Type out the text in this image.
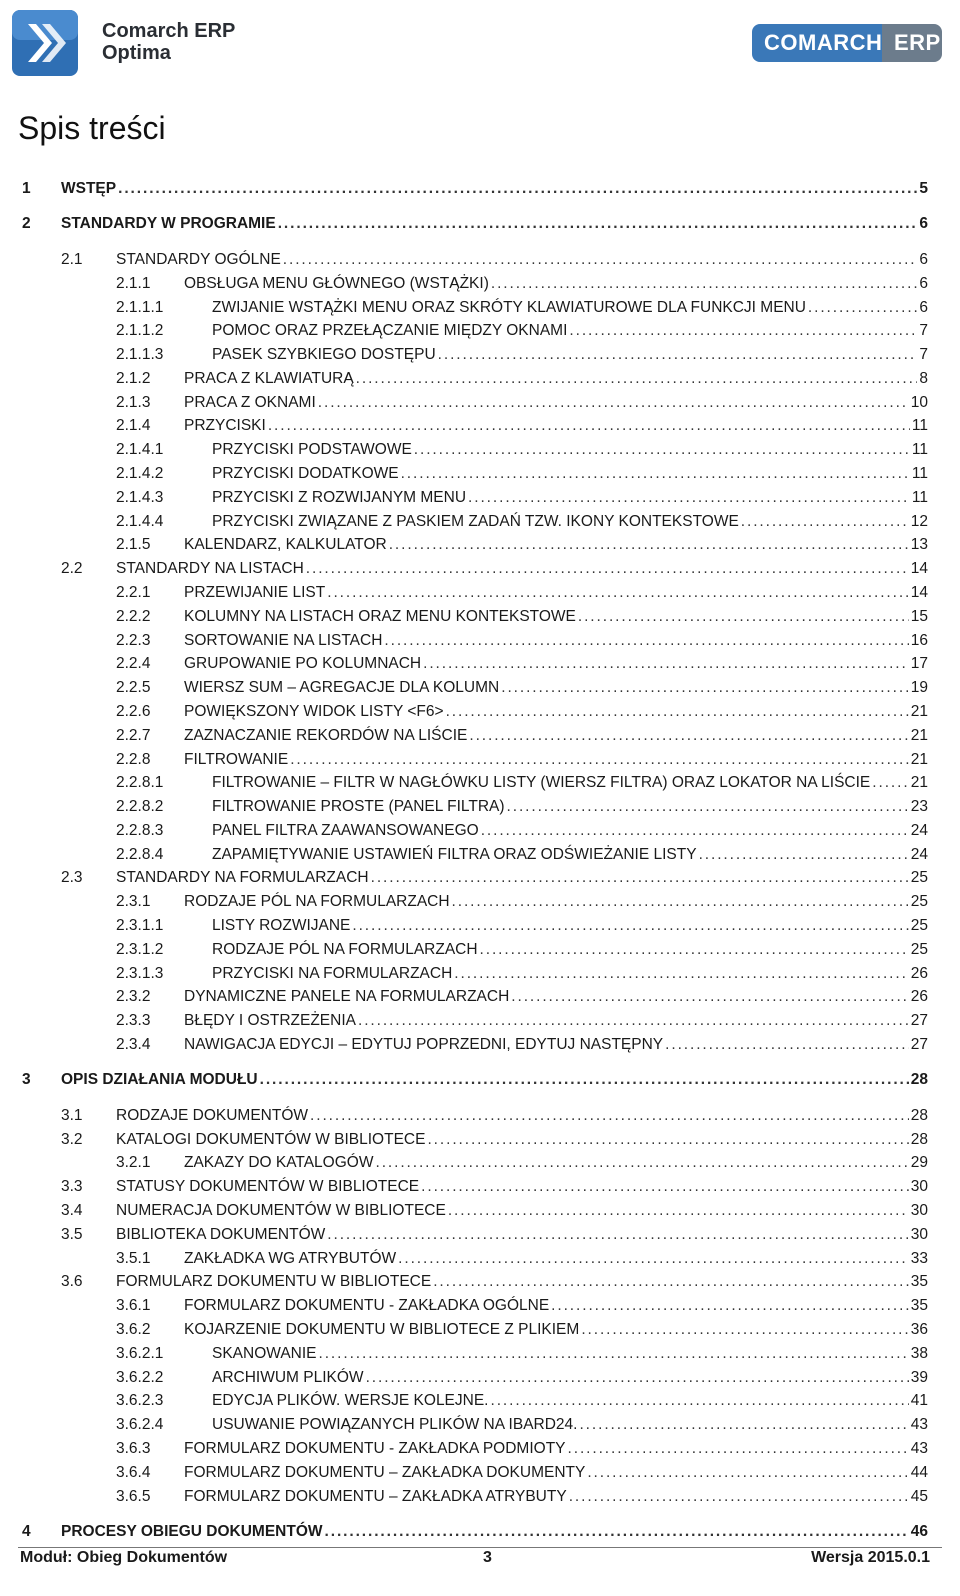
Comarch ERP
Optima	COMARCH ERP
Spis treści
1 WSTĘP	5
. . .
2 STANDARDY W PROGRAMIE	6
. . .
2.1 STANDARDY OGÓLNE	6
. . .
2.1.1 OBSŁUGA MENU GŁÓWNEGO (WSTĄŻKI)	6
. . .
2.1.1.1	ZWIJANIE WSTĄŻKI MENU ORAZ SKRÓTY KLAWIATUROWE DLA FUNKCJI MENU	6
. . .
2.1.1.2	POMOC ORAZ PRZEŁĄCZANIE MIĘDZY OKNAMI	7
. . .
2.1.1.3	PASEK SZYBKIEGO DOSTĘPU	7
. . .
2.1.2 PRACA Z KLAWIATURĄ	8
. . .
2.1.3 PRACA Z OKNAMI	10
. . .
2.1.4 PRZYCISKI	11
. . .
2.1.4.1	PRZYCISKI PODSTAWOWE	11
. . .
2.1.4.2	PRZYCISKI DODATKOWE	11
. . .
2.1.4.3	PRZYCISKI Z ROZWIJANYM MENU	11
. . .
2.1.4.4	PRZYCISKI ZWIĄZANE Z PASKIEM ZADAŃ TZW. IKONY KONTEKSTOWE	12
. . .
2.1.5 KALENDARZ, KALKULATOR	13
. . .
2.2 STANDARDY NA LISTACH	14
. . .
2.2.1 PRZEWIJANIE LIST	14
. . .
2.2.2 KOLUMNY NA LISTACH ORAZ MENU KONTEKSTOWE	15
. . .
2.2.3 SORTOWANIE NA LISTACH	16
. . .
2.2.4 GRUPOWANIE PO KOLUMNACH	17
. . .
2.2.5 WIERSZ SUM – AGREGACJE DLA KOLUMN	19
. . .
2.2.6 POWIĘKSZONY WIDOK LISTY <F6>	21
. . .
2.2.7 ZAZNACZANIE REKORDÓW NA LIŚCIE	21
. . .
2.2.8 FILTROWANIE	21
. . .
2.2.8.1	FILTROWANIE – FILTR W NAGŁÓWKU LISTY (WIERSZ FILTRA) ORAZ LOKATOR NA LIŚCIE	21
. . .
2.2.8.2	FILTROWANIE PROSTE (PANEL FILTRA)	23
. . .
2.2.8.3	PANEL FILTRA ZAAWANSOWANEGO	24
. . .
2.2.8.4	ZAPAMIĘTYWANIE USTAWIEŃ FILTRA ORAZ ODŚWIEŻANIE LISTY	24
. . .
2.3 STANDARDY NA FORMULARZACH	25
. . .
2.3.1 RODZAJE PÓL NA FORMULARZACH	25
. . .
2.3.1.1	LISTY ROZWIJANE	25
. . .
2.3.1.2	RODZAJE PÓL NA FORMULARZACH	25
. . .
2.3.1.3	PRZYCISKI NA FORMULARZACH	26
. . .
2.3.2 DYNAMICZNE PANELE NA FORMULARZACH	26
. . .
2.3.3 BŁĘDY I OSTRZEŻENIA	27
. . .
2.3.4 NAWIGACJA EDYCJI – EDYTUJ POPRZEDNI, EDYTUJ NASTĘPNY	27
. . .
3 OPIS DZIAŁANIA MODUŁU	28
. . .
3.1 RODZAJE DOKUMENTÓW	28
. . .
3.2 KATALOGI DOKUMENTÓW W BIBLIOTECE	28
. . .
3.2.1 ZAKAZY DO KATALOGÓW	29
. . .
3.3 STATUSY DOKUMENTÓW W BIBLIOTECE	30
. . .
3.4 NUMERACJA DOKUMENTÓW W BIBLIOTECE	30
. . .
3.5 BIBLIOTEKA DOKUMENTÓW	30
. . .
3.5.1 ZAKŁADKA WG ATRYBUTÓW	33
. . .
3.6 FORMULARZ DOKUMENTU W BIBLIOTECE	35
. . .
3.6.1 FORMULARZ DOKUMENTU - ZAKŁADKA OGÓLNE	35
. . .
3.6.2 KOJARZENIE DOKUMENTU W BIBLIOTECE Z PLIKIEM	36
. . .
3.6.2.1	SKANOWANIE	38
. . .
3.6.2.2	ARCHIWUM PLIKÓW	39
. . .
3.6.2.3	EDYCJA PLIKÓW. WERSJE KOLEJNE.	41
. . .
3.6.2.4	USUWANIE POWIĄZANYCH PLIKÓW NA IBARD24.	43
. . .
3.6.3 FORMULARZ DOKUMENTU - ZAKŁADKA PODMIOTY	43
. . .
3.6.4 FORMULARZ DOKUMENTU – ZAKŁADKA DOKUMENTY	44
. . .
3.6.5 FORMULARZ DOKUMENTU – ZAKŁADKA ATRYBUTY	45
. . .
4 PROCESY OBIEGU DOKUMENTÓW	46
. . .
Moduł: Obieg Dokumentów	3	Wersja 2015.0.1
